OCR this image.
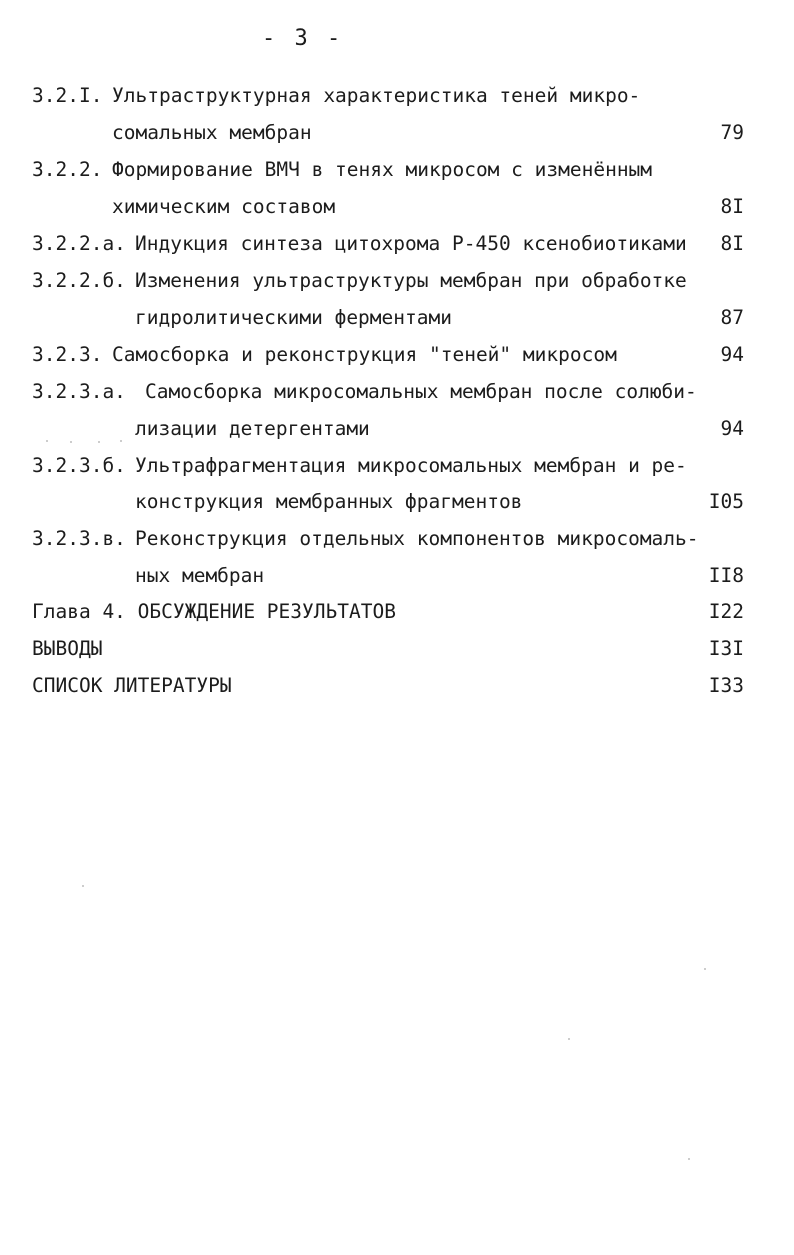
- 3 -
3.2.I. Ультраструктурная характеристика теней микро-
сомальных мембран	79
3.2.2. Формирование ВМЧ в тенях микросом с изменённым
химическим составом	8I
3.2.2.а. Индукция синтеза цитохрома Р-450 ксенобиотиками	8I
3.2.2.б. Изменения ультраструктуры мембран при обработке
гидролитическими ферментами	87
3.2.3. Самосборка и реконструкция "теней" микросом	94
3.2.3.а. Самосборка микросомальных мембран после солюби-
лизации детергентами	94
3.2.3.б. Ультрафрагментация микросомальных мембран и ре-
конструкция мембранных фрагментов	I05
3.2.3.в. Реконструкция отдельных компонентов микросомаль-
ных мембран	II8
Глава 4. ОБСУЖДЕНИЕ РЕЗУЛЬТАТОВ	I22
ВЫВОДЫ	I3I
СПИСОК ЛИТЕРАТУРЫ	I33
